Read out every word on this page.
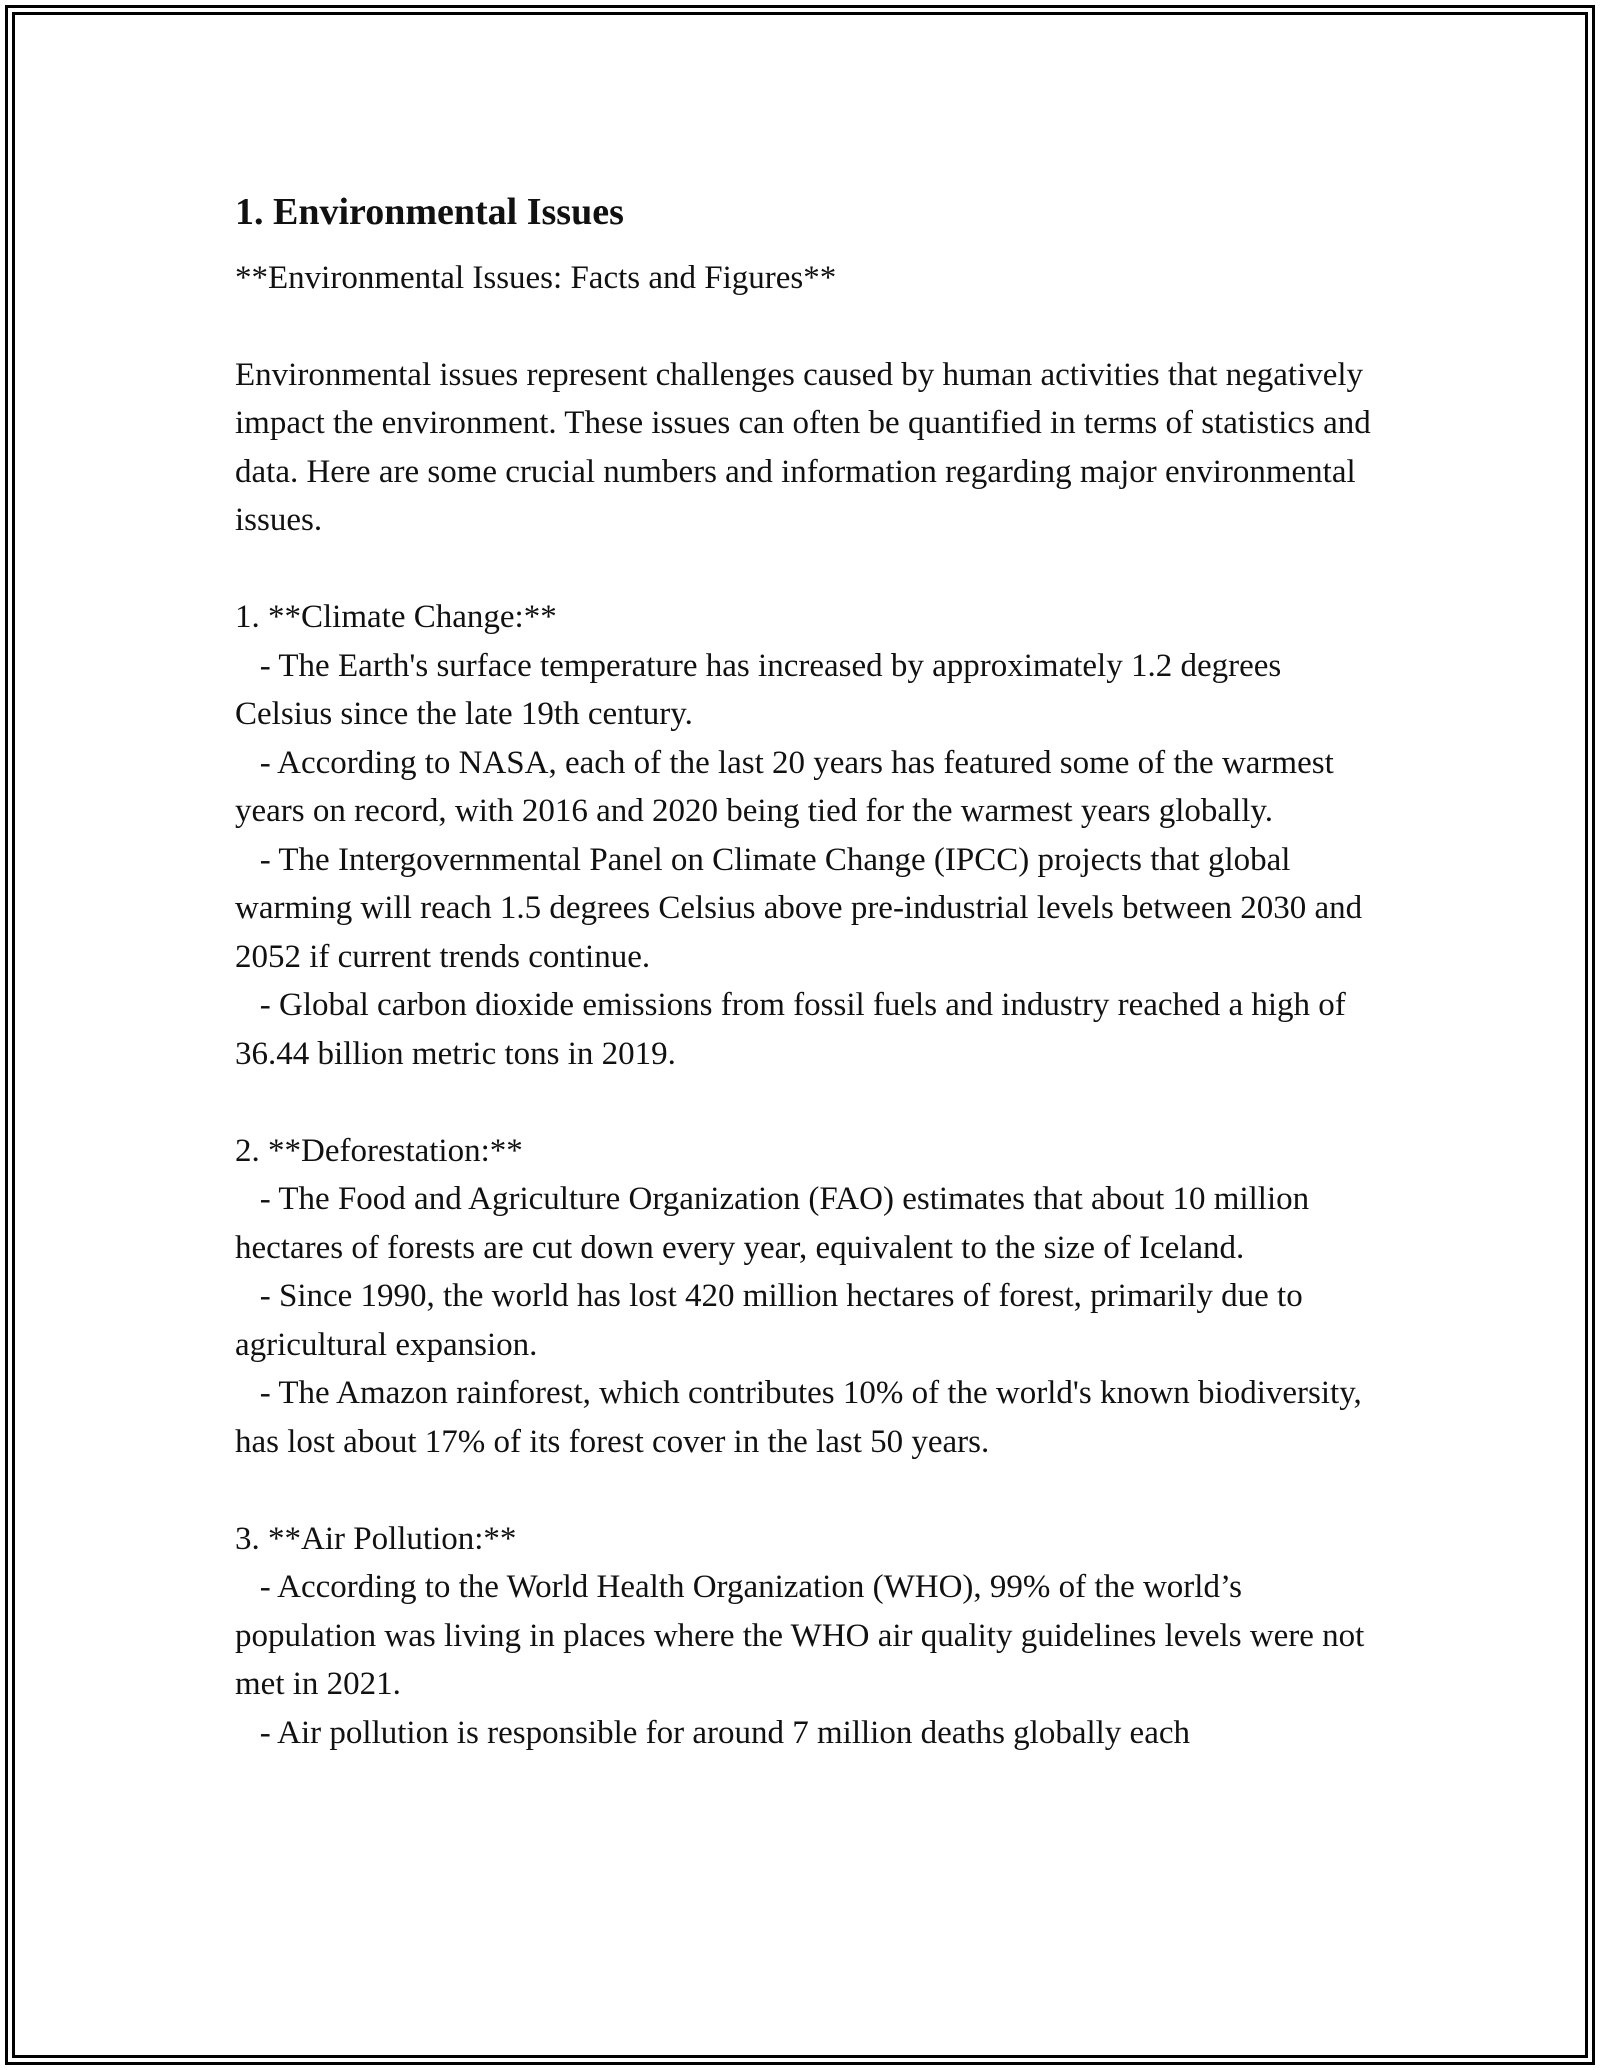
1. Environmental Issues

**Environmental Issues: Facts and Figures**

Environmental issues represent challenges caused by human activities that negatively impact the environment. These issues can often be quantified in terms of statistics and data. Here are some crucial numbers and information regarding major environmental issues.

1. **Climate Change:**

- The Earth's surface temperature has increased by approximately 1.2 degrees Celsius since the late 19th century.

- According to NASA, each of the last 20 years has featured some of the warmest years on record, with 2016 and 2020 being tied for the warmest years globally.

- The Intergovernmental Panel on Climate Change (IPCC) projects that global warming will reach 1.5 degrees Celsius above pre-industrial levels between 2030 and 2052 if current trends continue.

- Global carbon dioxide emissions from fossil fuels and industry reached a high of 36.44 billion metric tons in 2019.

2. **Deforestation:**

- The Food and Agriculture Organization (FAO) estimates that about 10 million hectares of forests are cut down every year, equivalent to the size of Iceland.

- Since 1990, the world has lost 420 million hectares of forest, primarily due to agricultural expansion.

- The Amazon rainforest, which contributes 10% of the world's known biodiversity, has lost about 17% of its forest cover in the last 50 years.

3. **Air Pollution:**

- According to the World Health Organization (WHO), 99% of the world’s population was living in places where the WHO air quality guidelines levels were not met in 2021.

- Air pollution is responsible for around 7 million deaths globally each
